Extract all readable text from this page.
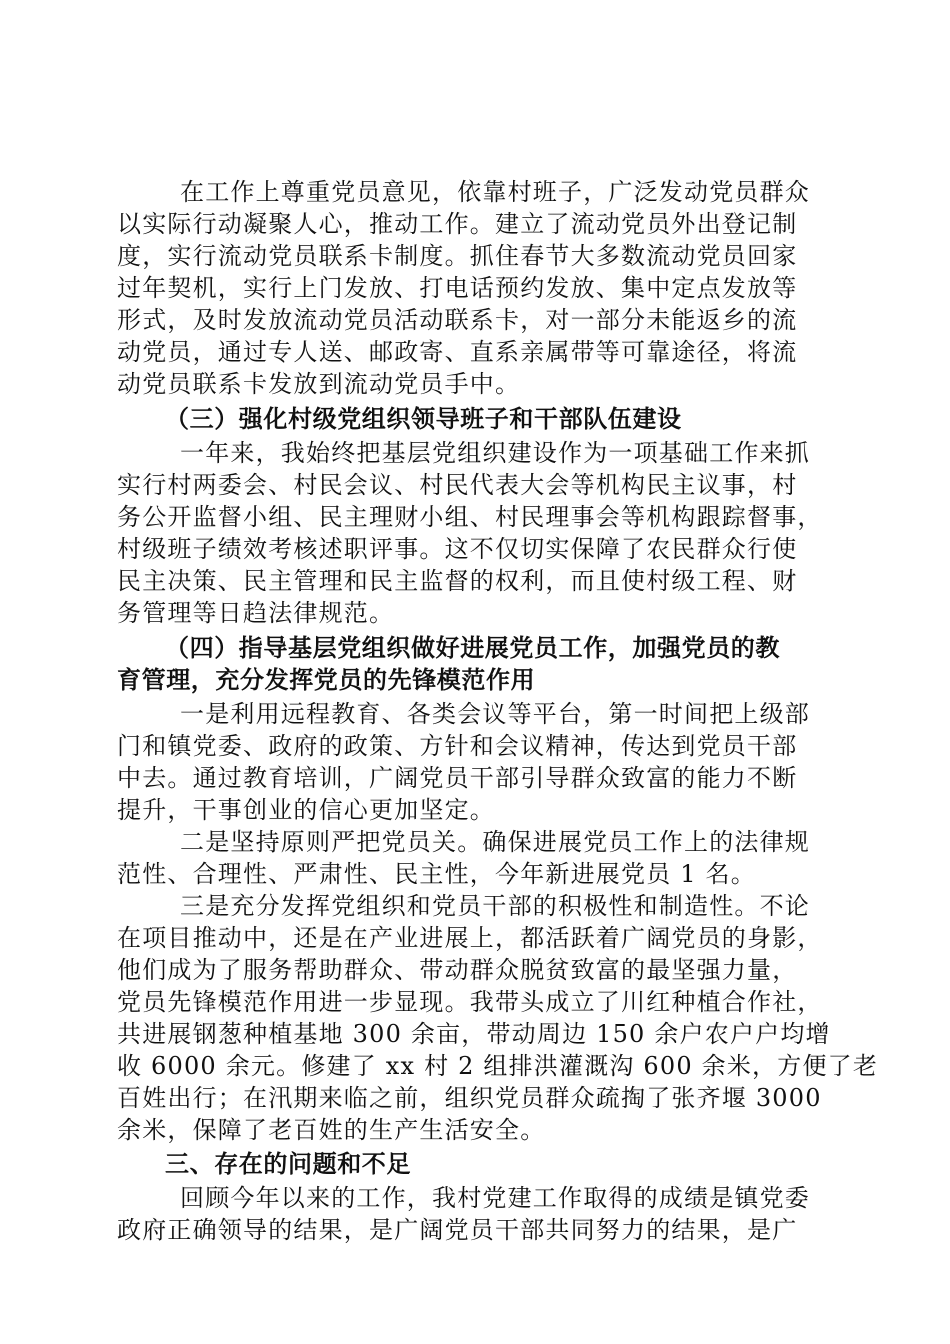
在工作上尊重党员意见，依靠村班子，广泛发动党员群众
以实际行动凝聚人心，推动工作。建立了流动党员外出登记制
度，实行流动党员联系卡制度。抓住春节大多数流动党员回家
过年契机，实行上门发放、打电话预约发放、集中定点发放等
形式，及时发放流动党员活动联系卡，对一部分未能返乡的流
动党员，通过专人送、邮政寄、直系亲属带等可靠途径，将流
动党员联系卡发放到流动党员手中。
（三）强化村级党组织领导班子和干部队伍建设
一年来，我始终把基层党组织建设作为一项基础工作来抓
实行村两委会、村民会议、村民代表大会等机构民主议事，村
务公开监督小组、民主理财小组、村民理事会等机构跟踪督事，
村级班子绩效考核述职评事。这不仅切实保障了农民群众行使
民主决策、民主管理和民主监督的权利，而且使村级工程、财
务管理等日趋法律规范。
（四）指导基层党组织做好进展党员工作，加强党员的教
育管理，充分发挥党员的先锋模范作用
一是利用远程教育、各类会议等平台，第一时间把上级部
门和镇党委、政府的政策、方针和会议精神，传达到党员干部
中去。通过教育培训，广阔党员干部引导群众致富的能力不断
提升，干事创业的信心更加坚定。
二是坚持原则严把党员关。确保进展党员工作上的法律规
范性、合理性、严肃性、民主性，今年新进展党员 1 名。
三是充分发挥党组织和党员干部的积极性和制造性。不论
在项目推动中，还是在产业进展上，都活跃着广阔党员的身影，
他们成为了服务帮助群众、带动群众脱贫致富的最坚强力量，
党员先锋模范作用进一步显现。我带头成立了川红种植合作社，
共进展钢葱种植基地 300 余亩，带动周边 150 余户农户户均增
收 6000 余元。修建了 xx 村 2 组排洪灌溉沟 600 余米，方便了老
百姓出行；在汛期来临之前，组织党员群众疏掏了张齐堰 3000
余米，保障了老百姓的生产生活安全。
三、存在的问题和不足
回顾今年以来的工作，我村党建工作取得的成绩是镇党委
政府正确领导的结果，是广阔党员干部共同努力的结果，是广
